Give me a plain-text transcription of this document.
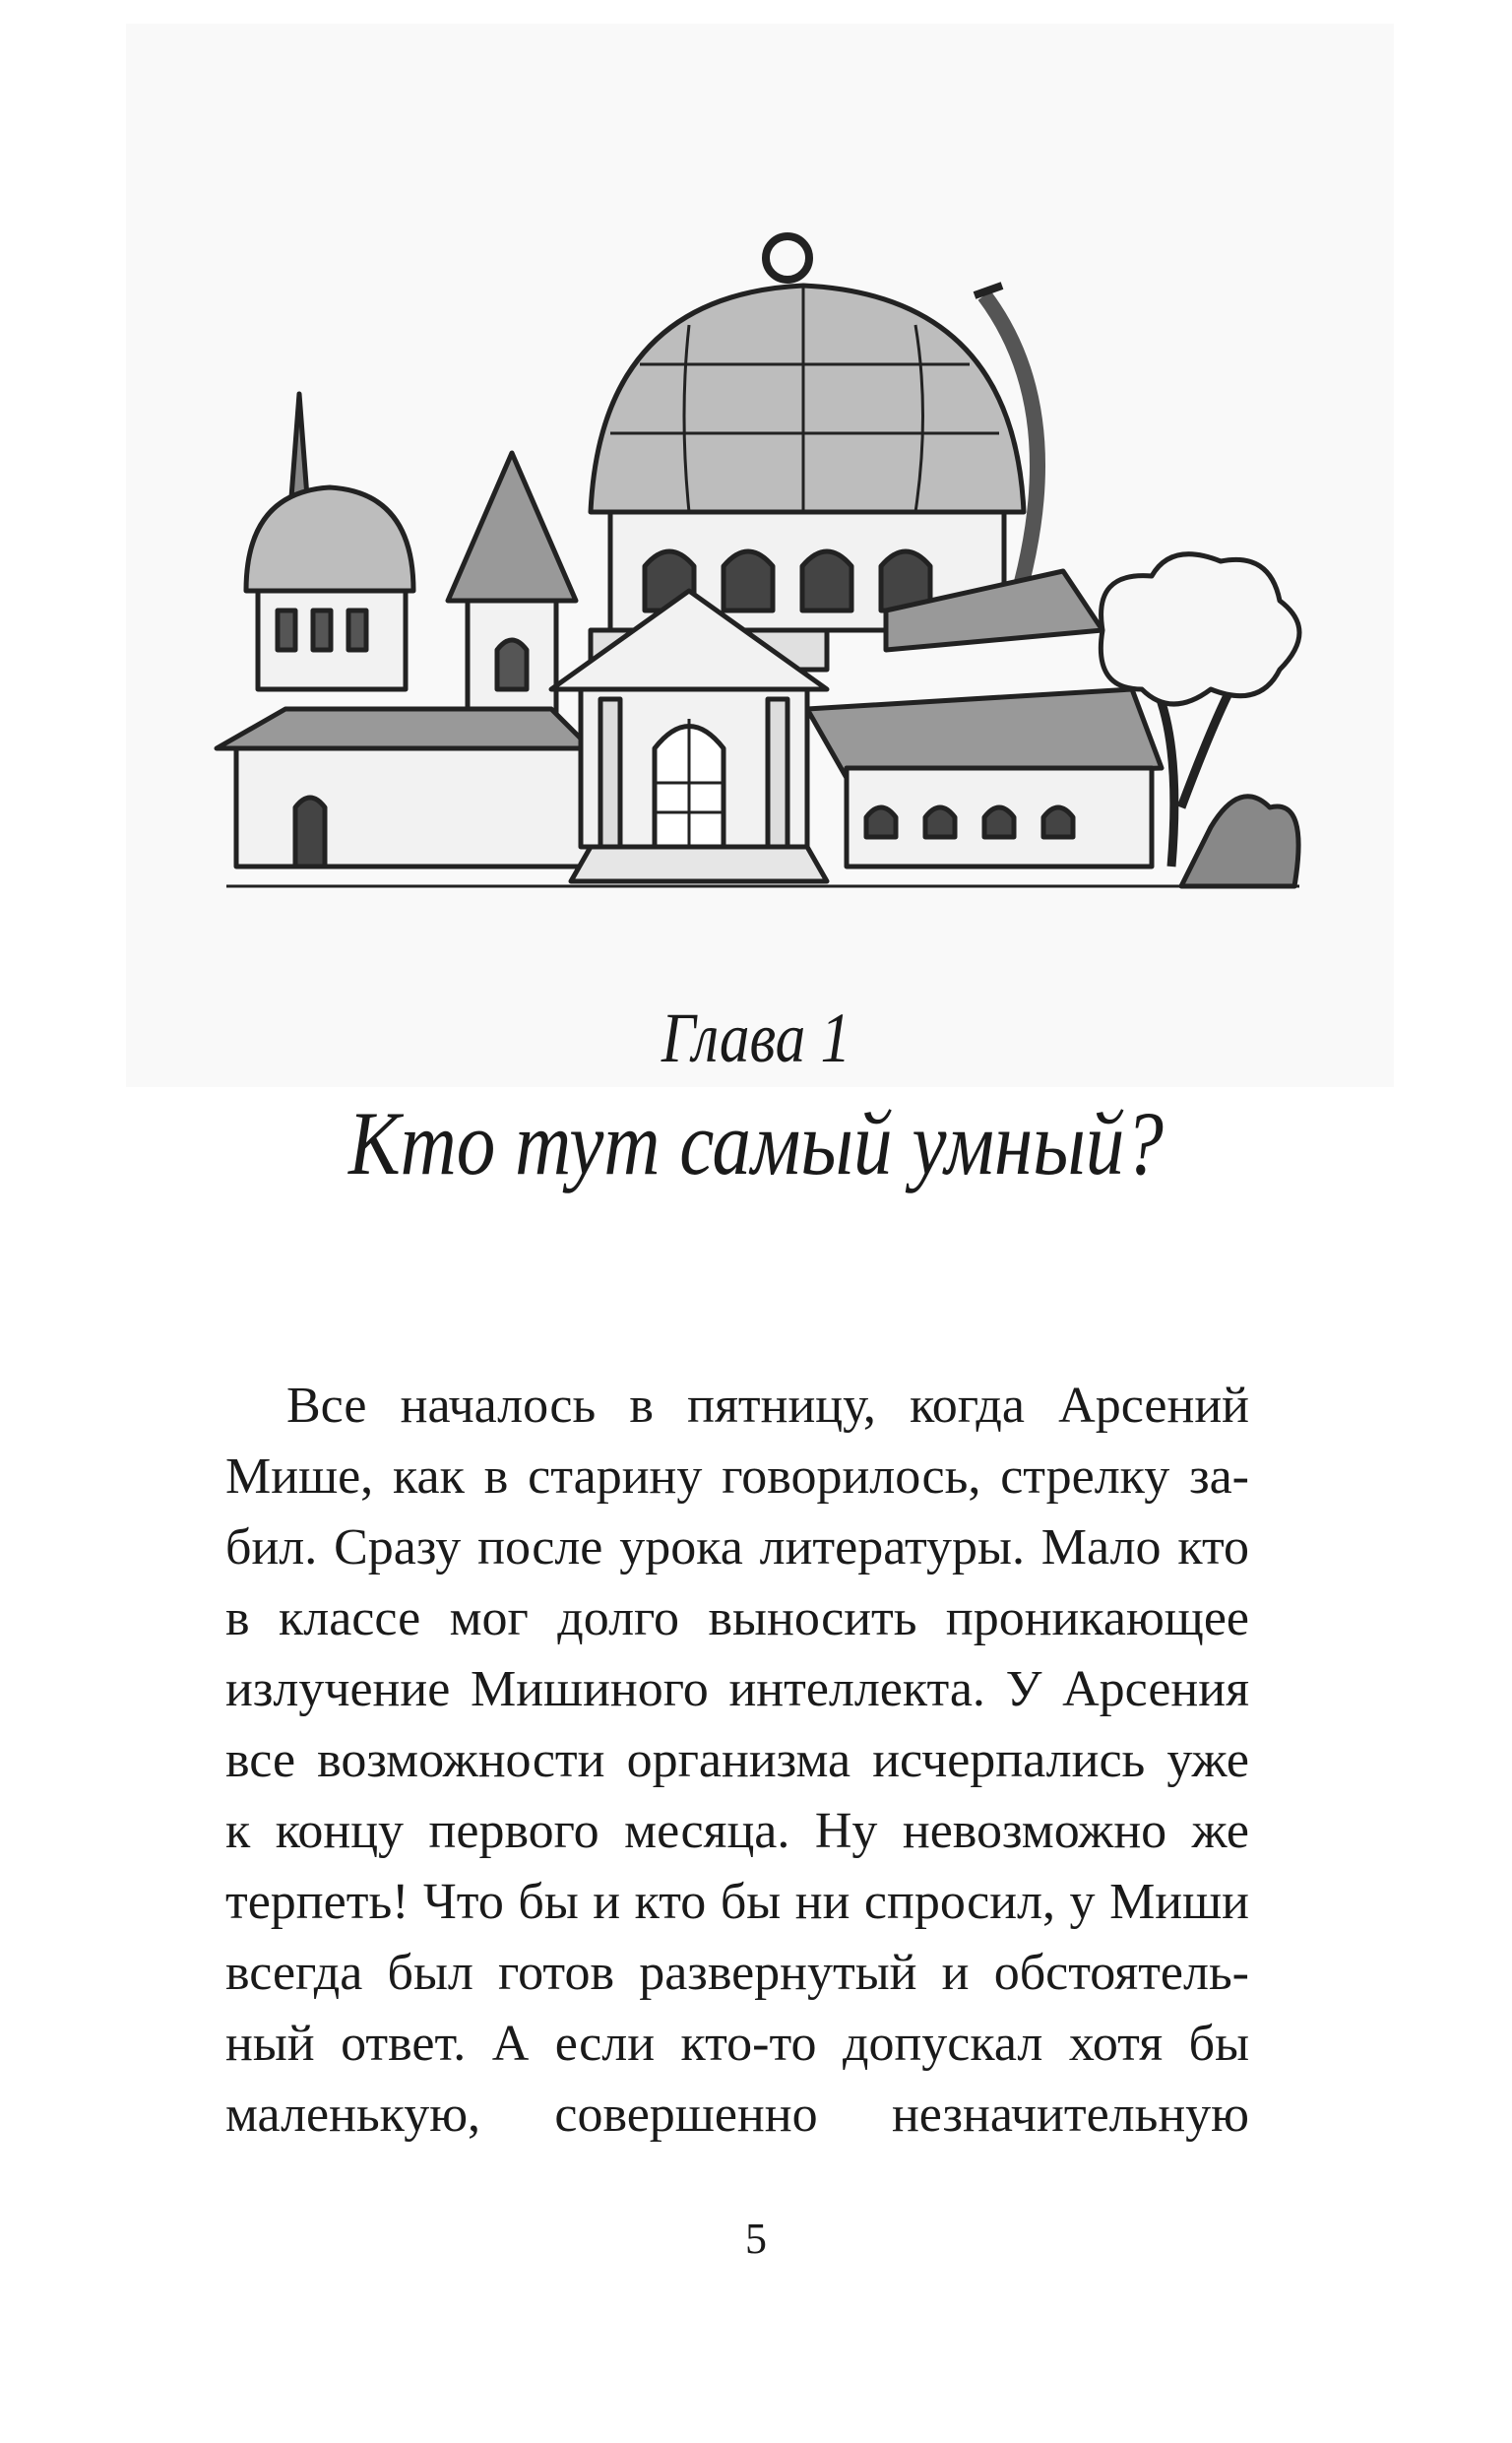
Глава 1
Кто тут самый умный?
Все началось в пятницу, когда Арсений
Мише, как в старину говорилось, стрелку за-
бил. Сразу после урока литературы. Мало кто
в классе мог долго выносить проникающее
излучение Мишиного интеллекта. У Арсения
все возможности организма исчерпались уже
к концу первого месяца. Ну невозможно же
терпеть! Что бы и кто бы ни спросил, у Миши
всегда был готов развернутый и обстоятель-
ный ответ. А если кто-то допускал хотя бы
маленькую, совершенно незначительную
5
